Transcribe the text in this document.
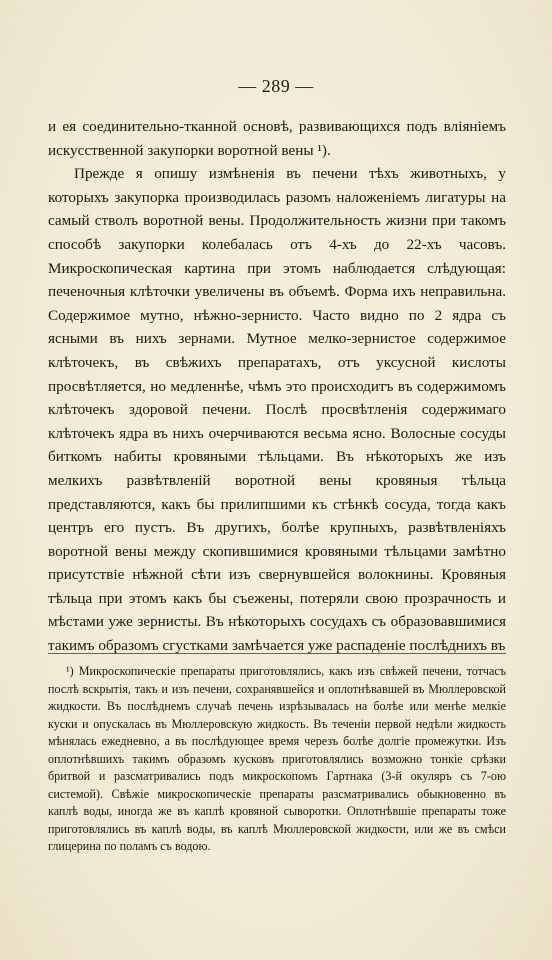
— 289 —

и ея соединительно-тканной основѣ, развивающихся подъ вліяніемъ искусственной закупорки воротной вены ¹).

Прежде я опишу измѣненія въ печени тѣхъ животныхъ, у которыхъ закупорка производилась разомъ наложеніемъ лигатуры на самый стволъ воротной вены. Продолжительность жизни при такомъ способѣ закупорки колебалась отъ 4-хъ до 22-хъ часовъ. Микроскопическая картина при этомъ наблюдается слѣдующая: печеночныя клѣточки увеличены въ объемѣ. Форма ихъ неправильна. Содержимое мутно, нѣжно-зернисто. Часто видно по 2 ядра съ ясными въ нихъ зернами. Мутное мелко-зернистое содержимое клѣточекъ, въ свѣжихъ препаратахъ, отъ уксусной кислоты просвѣтляется, но медленнѣе, чѣмъ это происходитъ въ содержимомъ клѣточекъ здоровой печени. Послѣ просвѣтленія содержимаго клѣточекъ ядра въ нихъ очерчиваются весьма ясно. Волосные сосуды биткомъ набиты кровяными тѣльцами. Въ нѣкоторыхъ же изъ мелкихъ развѣтвленій воротной вены кровяныя тѣльца представляются, какъ бы прилипшими къ стѣнкѣ сосуда, тогда какъ центръ его пустъ. Въ другихъ, болѣе крупныхъ, развѣтвленіяхъ воротной вены между скопившимися кровяными тѣльцами замѣтно присутствіе нѣжной сѣти изъ свернувшейся волокнины. Кровяныя тѣльца при этомъ какъ бы съежены, потеряли свою прозрачность и мѣстами уже зернисты. Въ нѣкоторыхъ сосудахъ съ образовавшимися такимъ образомъ сгустками замѣчается уже распаденіе послѣднихъ въ

¹) Микроскопическіе препараты приготовлялись, какъ изъ свѣжей печени, тотчасъ послѣ вскрытія, такъ и изъ печени, сохранявшейся и оплотнѣвавшей въ Мюллеровской жидкости. Въ послѣднемъ случаѣ печень изрѣзывалась на болѣе или менѣе мелкіе куски и опускалась въ Мюллеровскую жидкость. Въ теченіи первой недѣли жидкость мѣнялась ежедневно, а въ послѣдующее время черезъ болѣе долгіе промежутки. Изъ оплотнѣвшихъ такимъ образомъ кусковъ приготовлялись возможно тонкіе срѣзки бритвой и разсматривались подъ микроскопомъ Гартнака (3-й окуляръ съ 7-ою системой). Свѣжіе микроскопическіе препараты разсматривались обыкновенно въ каплѣ воды, иногда же въ каплѣ кровяной сыворотки. Оплотнѣвшіе препараты тоже приготовлялись въ каплѣ воды, въ каплѣ Мюллеровской жидкости, или же въ смѣси глицерина по поламъ съ водою.
